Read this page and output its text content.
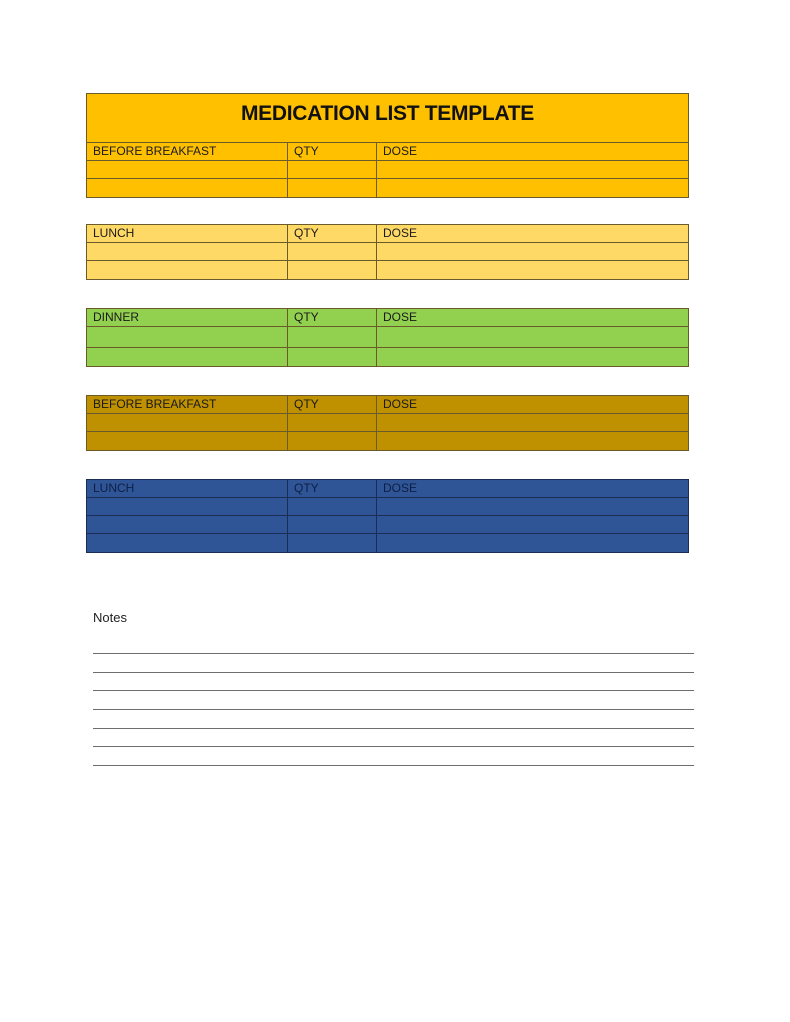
MEDICATION LIST TEMPLATE
BEFORE BREAKFAST	QTY	DOSE
LUNCH	QTY	DOSE
DINNER	QTY	DOSE
BEFORE BREAKFAST	QTY	DOSE
LUNCH	QTY	DOSE
Notes
